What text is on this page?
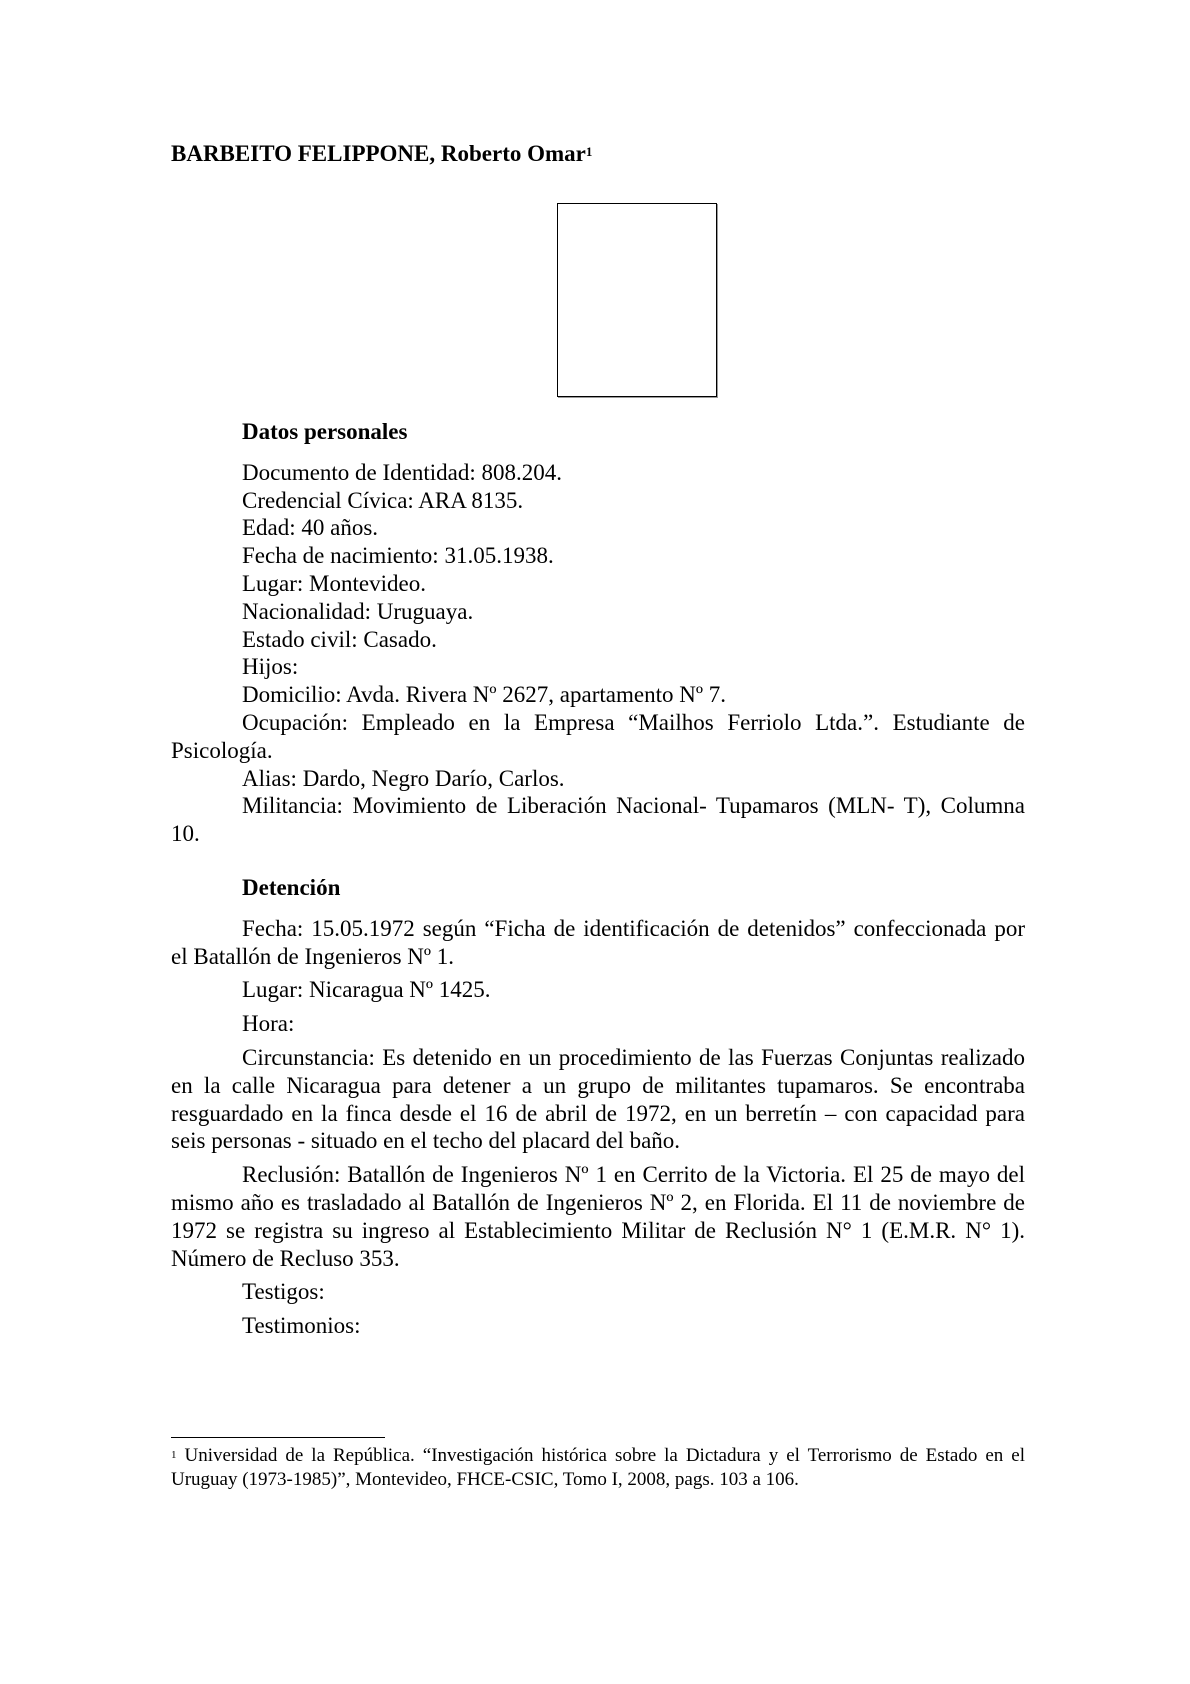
BARBEITO FELIPPONE, Roberto Omar$^1$
Datos personales

Documento de Identidad: 808.204.

Credencial Cívica: ARA 8135.

Edad: 40 años.

Fecha de nacimiento: 31.05.1938.

Lugar: Montevideo.

Nacionalidad: Uruguaya.

Estado civil: Casado.

Hijos:

Domicilio: Avda. Rivera Nº 2627, apartamento Nº 7.

Ocupación: Empleado en la Empresa “Mailhos Ferriolo Ltda.”. Estudiante de Psicología.

Alias: Dardo, Negro Darío, Carlos.

Militancia: Movimiento de Liberación Nacional- Tupamaros (MLN- T), Columna 10.

Detención

Fecha: 15.05.1972 según “Ficha de identificación de detenidos” confeccionada por el Batallón de Ingenieros Nº 1.

Lugar: Nicaragua Nº 1425.

Hora:

Circunstancia: Es detenido en un procedimiento de las Fuerzas Conjuntas realizado en la calle Nicaragua para detener a un grupo de militantes tupamaros. Se encontraba resguardado en la finca desde el 16 de abril de 1972, en un berretín – con capacidad para seis personas - situado en el techo del placard del baño.

Reclusión: Batallón de Ingenieros Nº 1 en Cerrito de la Victoria. El 25 de mayo del mismo año es trasladado al Batallón de Ingenieros Nº 2, en Florida. El 11 de noviembre de 1972 se registra su ingreso al Establecimiento Militar de Reclusión N° 1 (E.M.R. N° 1). Número de Recluso 353.

Testigos:

Testimonios:

$^1$ Universidad de la República. “Investigación histórica sobre la Dictadura y el Terrorismo de Estado en el Uruguay (1973-1985)”, Montevideo, FHCE-CSIC, Tomo I, 2008, pags. 103 a 106.
